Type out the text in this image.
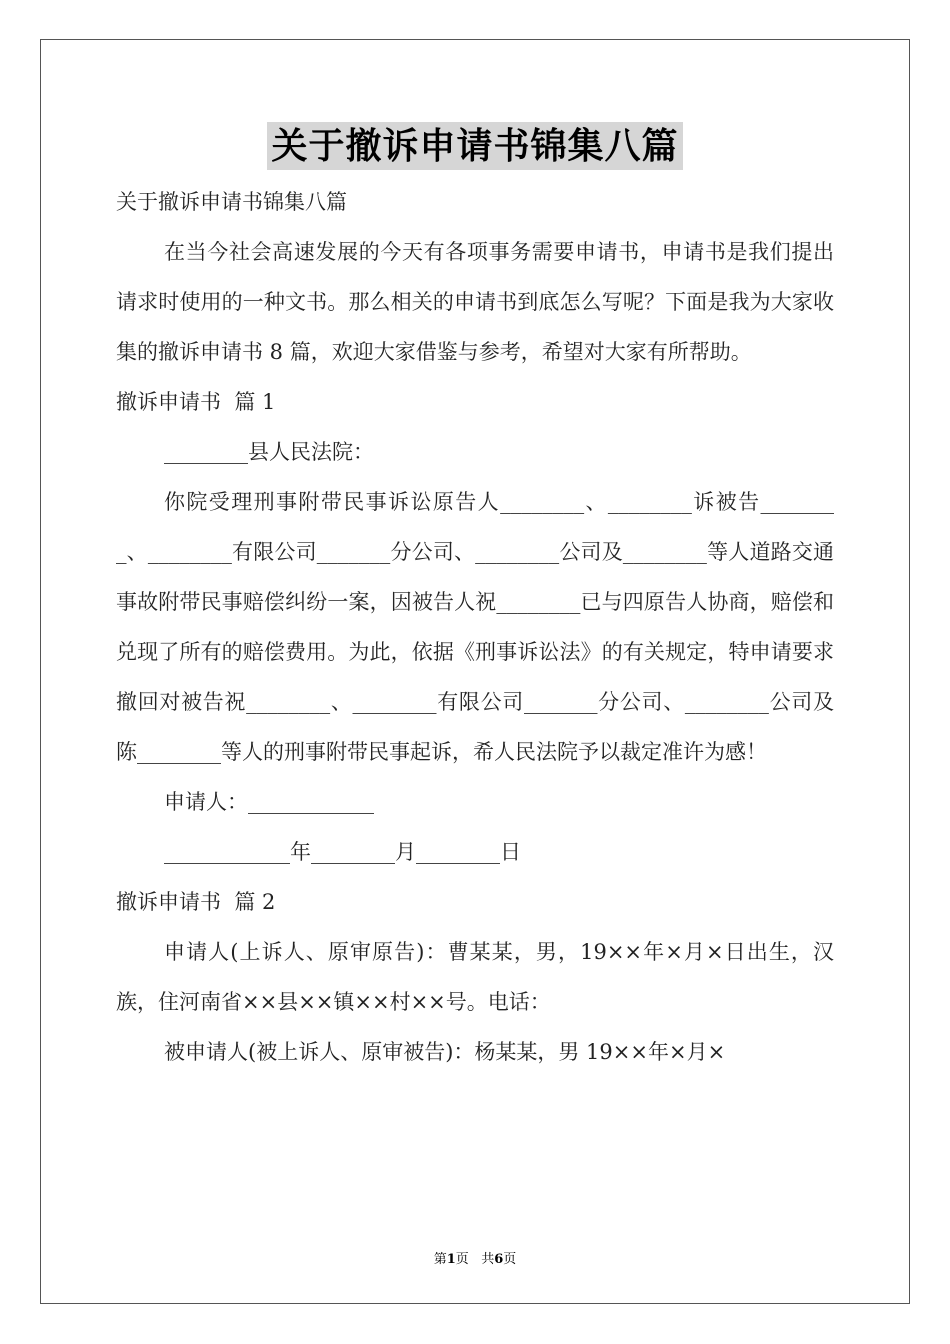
关于撤诉申请书锦集八篇

关于撤诉申请书锦集八篇

在当今社会高速发展的今天有各项事务需要申请书，申请书是我们提出请求时使用的一种文书。那么相关的申请书到底怎么写呢？下面是我为大家收集的撤诉申请书 8 篇，欢迎大家借鉴与参考，希望对大家有所帮助。

撤诉申请书  篇 1

________县人民法院：

你院受理刑事附带民事诉讼原告人________、________诉被告________、________有限公司_______分公司、________公司及________等人道路交通事故附带民事赔偿纠纷一案，因被告人祝________已与四原告人协商，赔偿和兑现了所有的赔偿费用。为此，依据《刑事诉讼法》的有关规定，特申请要求撤回对被告祝________、________有限公司_______分公司、________公司及陈________等人的刑事附带民事起诉，希人民法院予以裁定准许为感！

申请人：____________

____________年________月________日

撤诉申请书  篇 2

申请人(上诉人、原审原告)：曹某某，男，19××年×月×日出生，汉族，住河南省××县××镇××村××号。电话：

被申请人(被上诉人、原审被告)：杨某某，男 19××年×月×

第1页   共6页
